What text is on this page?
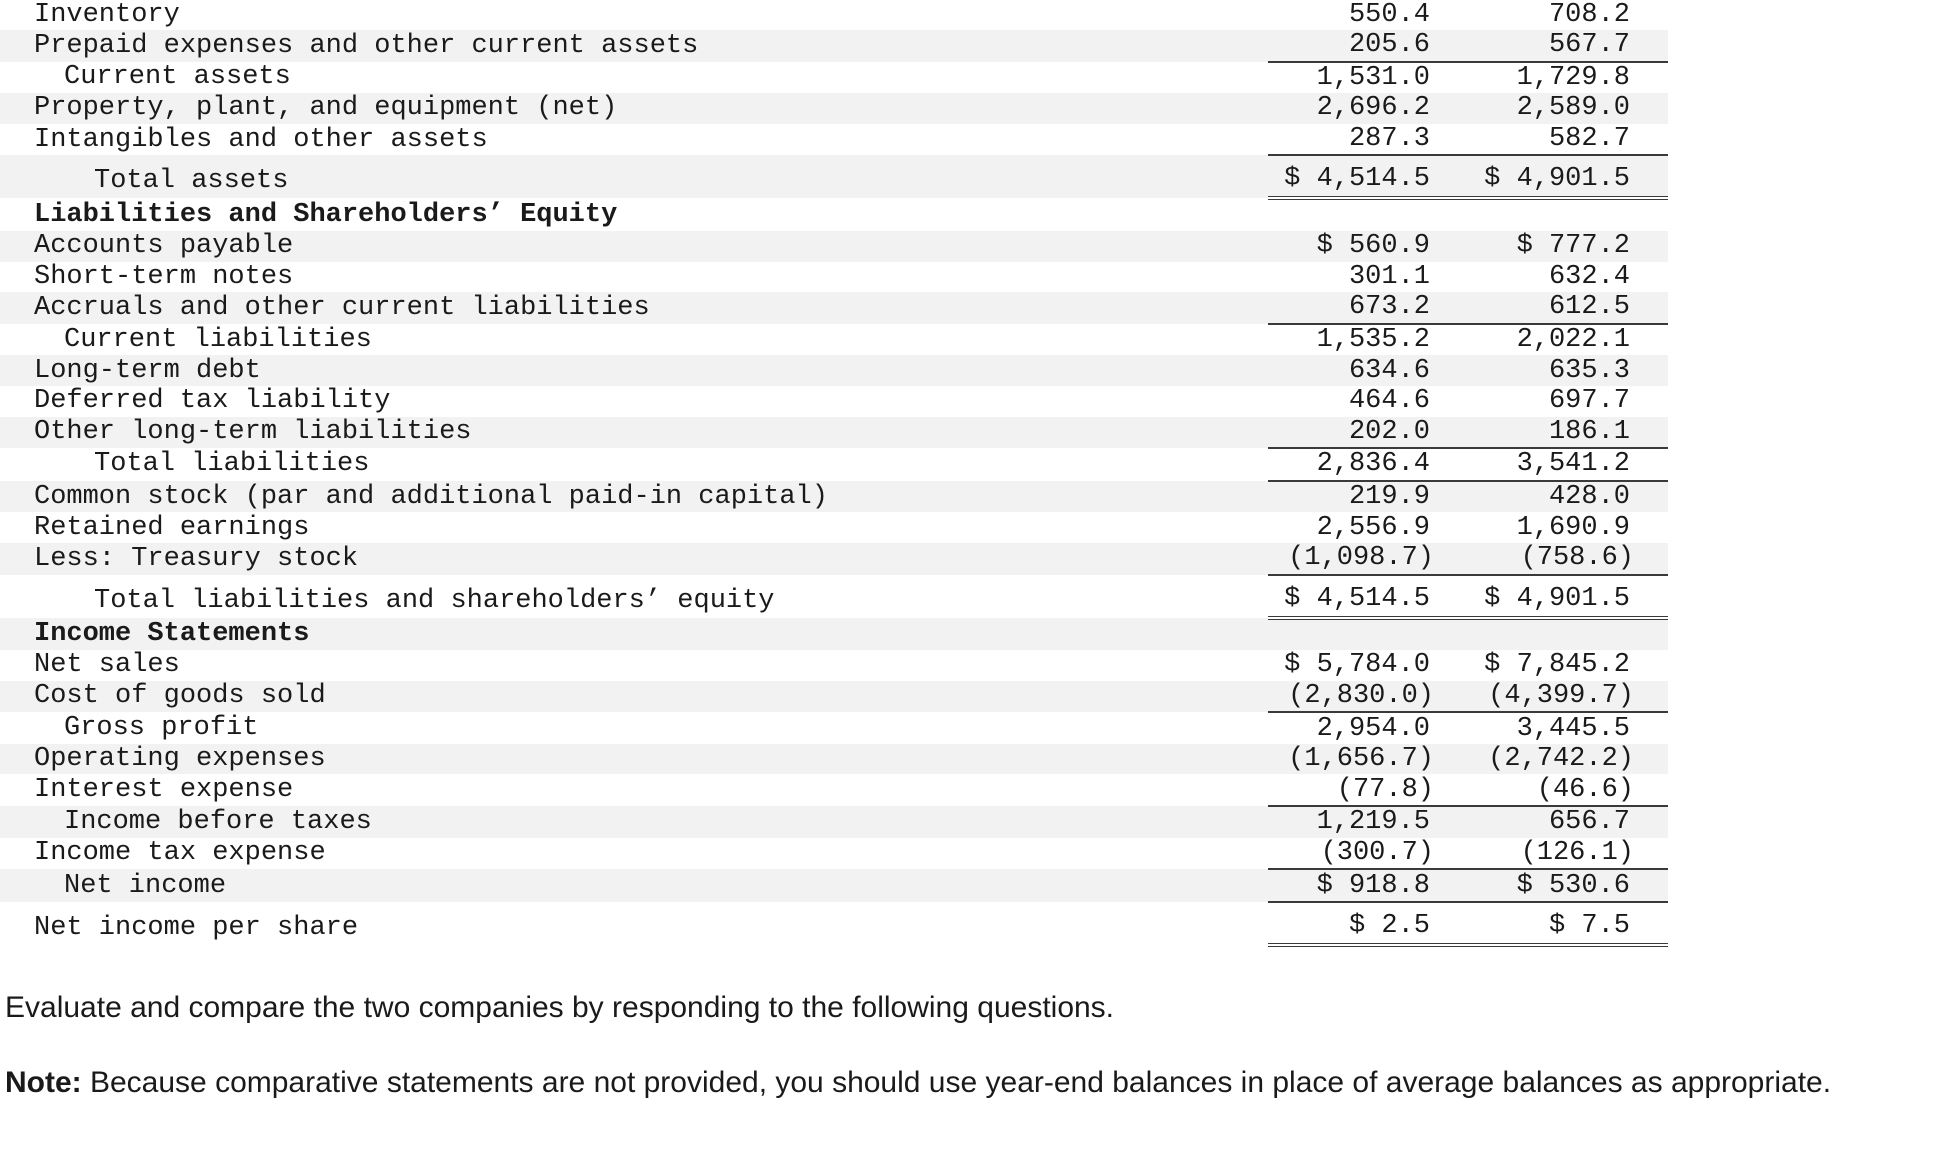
Inventory	550.4	708.2
Prepaid expenses and other current assets	205.6	567.7
Current assets	1,531.0	1,729.8
Property, plant, and equipment (net)	2,696.2	2,589.0
Intangibles and other assets	287.3	582.7
Total assets	$ 4,514.5	$ 4,901.5
Liabilities and Shareholders’ Equity		
Accounts payable	$ 560.9	$ 777.2
Short-term notes	301.1	632.4
Accruals and other current liabilities	673.2	612.5
Current liabilities	1,535.2	2,022.1
Long-term debt	634.6	635.3
Deferred tax liability	464.6	697.7
Other long-term liabilities	202.0	186.1
Total liabilities	2,836.4	3,541.2
Common stock (par and additional paid-in capital)	219.9	428.0
Retained earnings	2,556.9	1,690.9
Less: Treasury stock	(1,098.7)	(758.6)
Total liabilities and shareholders’ equity	$ 4,514.5	$ 4,901.5
Income Statements		
Net sales	$ 5,784.0	$ 7,845.2
Cost of goods sold	(2,830.0)	(4,399.7)
Gross profit	2,954.0	3,445.5
Operating expenses	(1,656.7)	(2,742.2)
Interest expense	(77.8)	(46.6)
Income before taxes	1,219.5	656.7
Income tax expense	(300.7)	(126.1)
Net income	$ 918.8	$ 530.6
Net income per share	$ 2.5	$ 7.5

Evaluate and compare the two companies by responding to the following questions.

Note: Because comparative statements are not provided, you should use year-end balances in place of average balances as appropriate.
